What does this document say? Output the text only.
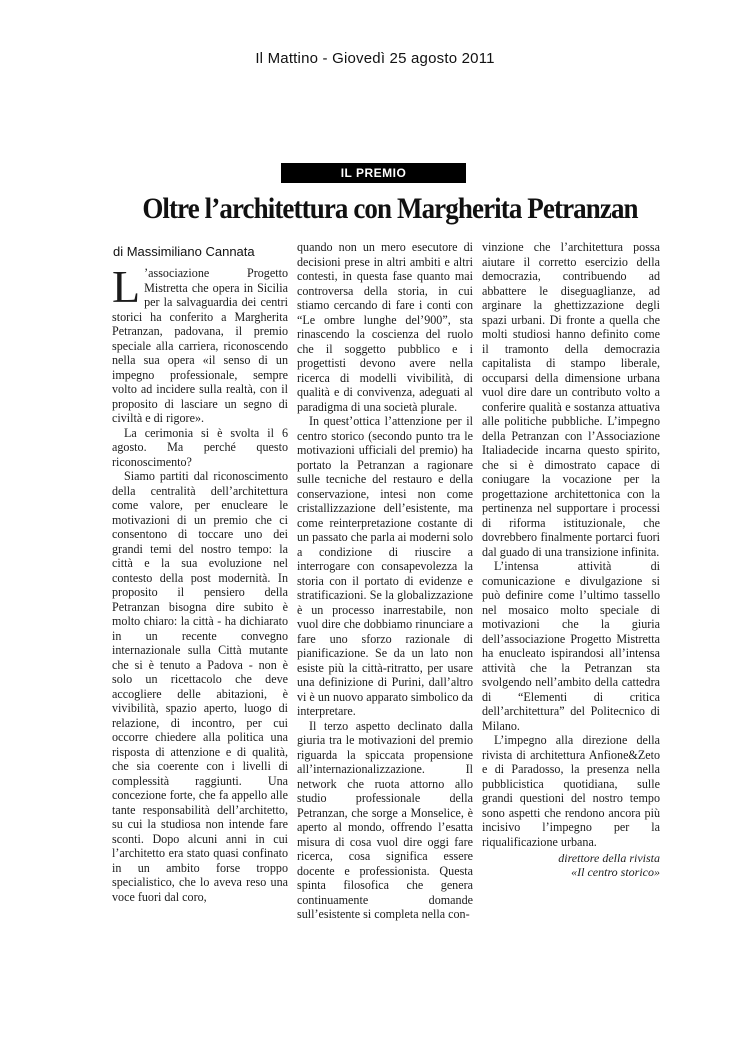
Il Mattino - Giovedì 25 agosto 2011
IL PREMIO
Oltre l’architettura con Margherita Petranzan
di Massimiliano Cannata

L ’associazione Progetto Mistretta che opera in Sicilia per la salvaguardia dei centri storici ha conferito a Margherita Petranzan, padovana, il premio speciale alla carriera, riconoscendo nella sua opera «il senso di un impegno professionale, sempre volto ad incidere sulla realtà, con il proposito di lasciare un segno di civiltà e di rigore».

La cerimonia si è svolta il 6 agosto. Ma perché questo riconoscimento?

Siamo partiti dal riconoscimento della centralità dell’architettura come valore, per enucleare le motivazioni di un premio che ci consentono di toccare uno dei grandi temi del nostro tempo: la città e la sua evoluzione nel contesto della post modernità. In proposito il pensiero della Petranzan bisogna dire subito è molto chiaro: la città - ha dichiarato in un recente convegno internazionale sulla Città mutante che si è tenuto a Padova - non è solo un ricettacolo che deve accogliere delle abitazioni, è vivibilità, spazio aperto, luogo di relazione, di incontro, per cui occorre chiedere alla politica una risposta di attenzione e di qualità, che sia coerente con i livelli di complessità raggiunti. Una concezione forte, che fa appello alle tante responsabilità dell’architetto, su cui la studiosa non intende fare sconti. Dopo alcuni anni in cui l’architetto era stato quasi confinato in un ambito forse troppo specialistico, che lo aveva reso una voce fuori dal coro,

quando non un mero esecutore di decisioni prese in altri ambiti e altri contesti, in questa fase quanto mai controversa della storia, in cui stiamo cercando di fare i conti con “Le ombre lunghe del’900”, sta rinascendo la coscienza del ruolo che il soggetto pubblico e i progettisti devono avere nella ricerca di modelli vivibilità, di qualità e di convivenza, adeguati al paradigma di una società plurale.

In quest’ottica l’attenzione per il centro storico (secondo punto tra le motivazioni ufficiali del premio) ha portato la Petranzan a ragionare sulle tecniche del restauro e della conservazione, intesi non come cristallizzazione dell’esistente, ma come reinterpretazione costante di un passato che parla ai moderni solo a condizione di riuscire a interrogare con consapevolezza la storia con il portato di evidenze e stratificazioni. Se la globalizzazione è un processo inarrestabile, non vuol dire che dobbiamo rinunciare a fare uno sforzo razionale di pianificazione. Se da un lato non esiste più la città-ritratto, per usare una definizione di Purini, dall’altro vi è un nuovo apparato simbolico da interpretare.

Il terzo aspetto declinato dalla giuria tra le motivazioni del premio riguarda la spiccata propensione all’internazionalizzazione. Il network che ruota attorno allo studio professionale della Petranzan, che sorge a Monselice, è aperto al mondo, offrendo l’esatta misura di cosa vuol dire oggi fare ricerca, cosa significa essere docente e professionista. Questa spinta filosofica che genera continuamente domande sull’esistente si completa nella con-

vinzione che l’architettura possa aiutare il corretto esercizio della democrazia, contribuendo ad abbattere le diseguaglianze, ad arginare la ghettizzazione degli spazi urbani. Di fronte a quella che molti studiosi hanno definito come il tramonto della democrazia capitalista di stampo liberale, occuparsi della dimensione urbana vuol dire dare un contributo volto a conferire qualità e sostanza attuativa alle politiche pubbliche. L’impegno della Petranzan con l’Associazione Italiadecide incarna questo spirito, che si è dimostrato capace di coniugare la vocazione per la progettazione architettonica con la pertinenza nel supportare i processi di riforma istituzionale, che dovrebbero finalmente portarci fuori dal guado di una transizione infinita.

L’intensa attività di comunicazione e divulgazione si può definire come l’ultimo tassello nel mosaico molto speciale di motivazioni che la giuria dell’associazione Progetto Mistretta ha enucleato ispirandosi all’intensa attività che la Petranzan sta svolgendo nell’ambito della cattedra di “Elementi di critica dell’architettura” del Politecnico di Milano.

L’impegno alla direzione della rivista di architettura Anfione&Zeto e di Paradosso, la presenza nella pubblicistica quotidiana, sulle grandi questioni del nostro tempo sono aspetti che rendono ancora più incisivo l’impegno per la riqualificazione urbana.

direttore della rivista
«Il centro storico»
